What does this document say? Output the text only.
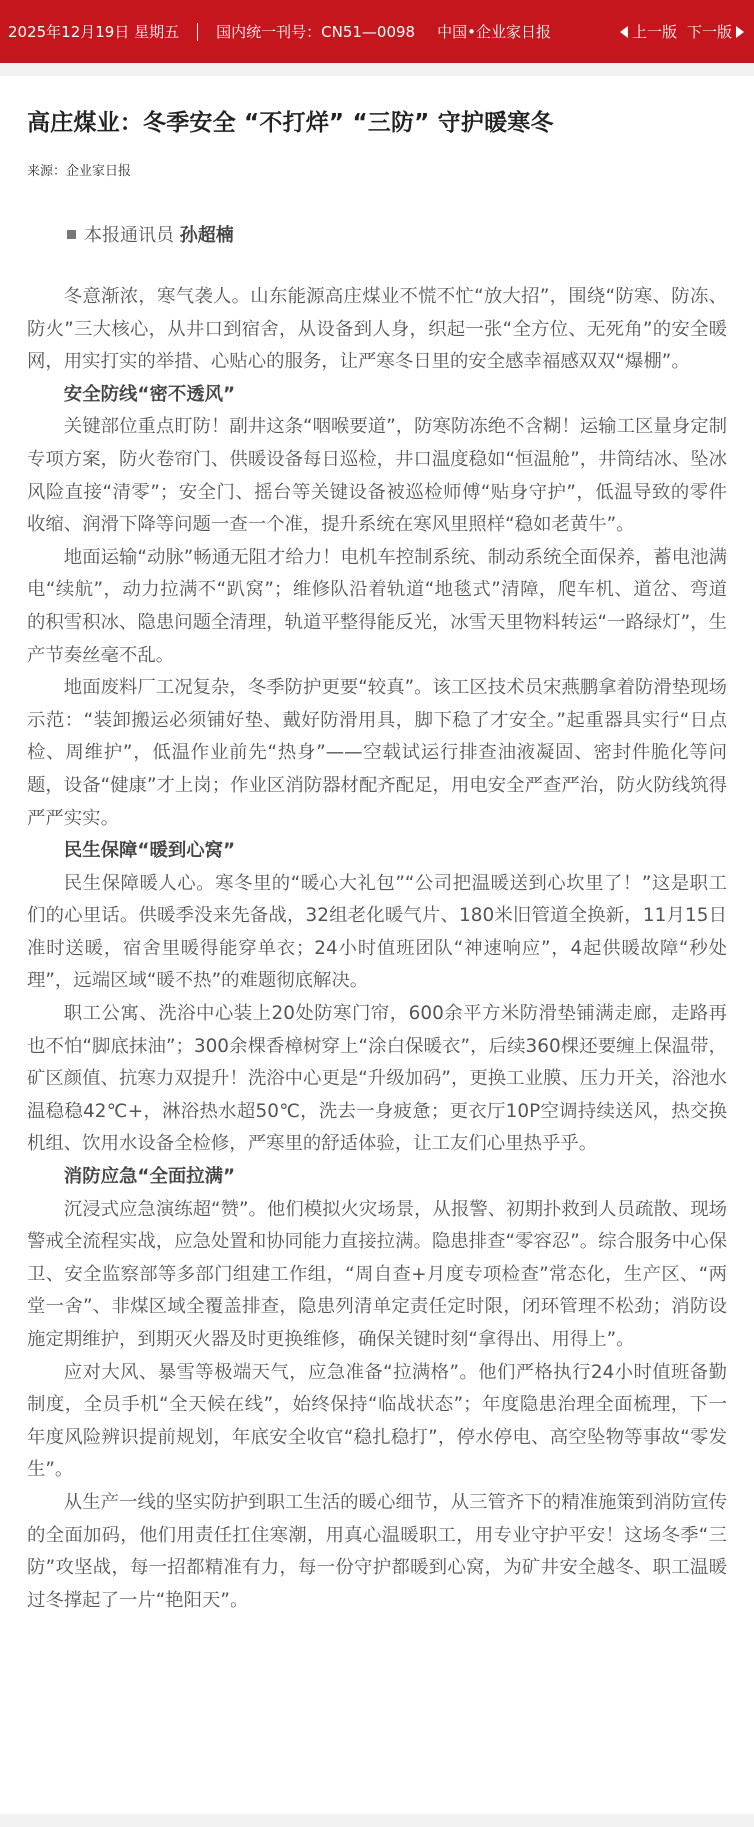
2025年12月19日 星期五 国内统一刊号：CN51—0098 中国•企业家日报	上一版 下一版
高庄煤业：冬季安全 “不打烊” “三防” 守护暖寒冬
来源：企业家日报
本报通讯员 孙超楠

冬意渐浓，寒气袭人。山东能源高庄煤业不慌不忙“放大招”，围绕“防寒、防冻、防火”三大核心，从井口到宿舍，从设备到人身，织起一张“全方位、无死角”的安全暖网，用实打实的举措、心贴心的服务，让严寒冬日里的安全感幸福感双双“爆棚”。

安全防线“密不透风”

关键部位重点盯防！副井这条“咽喉要道”，防寒防冻绝不含糊！运输工区量身定制专项方案，防火卷帘门、供暖设备每日巡检，井口温度稳如“恒温舱”，井筒结冰、坠冰风险直接“清零”；安全门、摇台等关键设备被巡检师傅“贴身守护”，低温导致的零件收缩、润滑下降等问题一查一个准，提升系统在寒风里照样“稳如老黄牛”。

地面运输“动脉”畅通无阻才给力！电机车控制系统、制动系统全面保养，蓄电池满电“续航”，动力拉满不“趴窝”；维修队沿着轨道“地毯式”清障，爬车机、道岔、弯道的积雪积冰、隐患问题全清理，轨道平整得能反光，冰雪天里物料转运“一路绿灯”，生产节奏丝毫不乱。

地面废料厂工况复杂，冬季防护更要“较真”。该工区技术员宋燕鹏拿着防滑垫现场示范：“装卸搬运必须铺好垫、戴好防滑用具，脚下稳了才安全。”起重器具实行“日点检、周维护”，低温作业前先“热身”——空载试运行排查油液凝固、密封件脆化等问题，设备“健康”才上岗；作业区消防器材配齐配足，用电安全严查严治，防火防线筑得严严实实。

民生保障“暖到心窝”

民生保障暖人心。寒冬里的“暖心大礼包”“公司把温暖送到心坎里了！”这是职工们的心里话。供暖季没来先备战，32组老化暖气片、180米旧管道全换新，11月15日准时送暖，宿舍里暖得能穿单衣；24小时值班团队“神速响应”，4起供暖故障“秒处理”，远端区域“暖不热”的难题彻底解决。

职工公寓、洗浴中心装上20处防寒门帘，600余平方米防滑垫铺满走廊，走路再也不怕“脚底抹油”；300余棵香樟树穿上“涂白保暖衣”，后续360棵还要缠上保温带，矿区颜值、抗寒力双提升！洗浴中心更是“升级加码”，更换工业膜、压力开关，浴池水温稳稳42℃+，淋浴热水超50℃，洗去一身疲惫；更衣厅10P空调持续送风，热交换机组、饮用水设备全检修，严寒里的舒适体验，让工友们心里热乎乎。

消防应急“全面拉满”

沉浸式应急演练超“赞”。他们模拟火灾场景，从报警、初期扑救到人员疏散、现场警戒全流程实战，应急处置和协同能力直接拉满。隐患排查“零容忍”。综合服务中心保卫、安全监察部等多部门组建工作组，“周自查+月度专项检查”常态化，生产区、“两堂一舍”、非煤区域全覆盖排查，隐患列清单定责任定时限，闭环管理不松劲；消防设施定期维护，到期灭火器及时更换维修，确保关键时刻“拿得出、用得上”。

应对大风、暴雪等极端天气，应急准备“拉满格”。他们严格执行24小时值班备勤制度，全员手机“全天候在线”，始终保持“临战状态”；年度隐患治理全面梳理，下一年度风险辨识提前规划，年底安全收官“稳扎稳打”，停水停电、高空坠物等事故“零发生”。

从生产一线的坚实防护到职工生活的暖心细节，从三管齐下的精准施策到消防宣传的全面加码，他们用责任扛住寒潮，用真心温暖职工，用专业守护平安！这场冬季“三防”攻坚战，每一招都精准有力，每一份守护都暖到心窝，为矿井安全越冬、职工温暖过冬撑起了一片“艳阳天”。
